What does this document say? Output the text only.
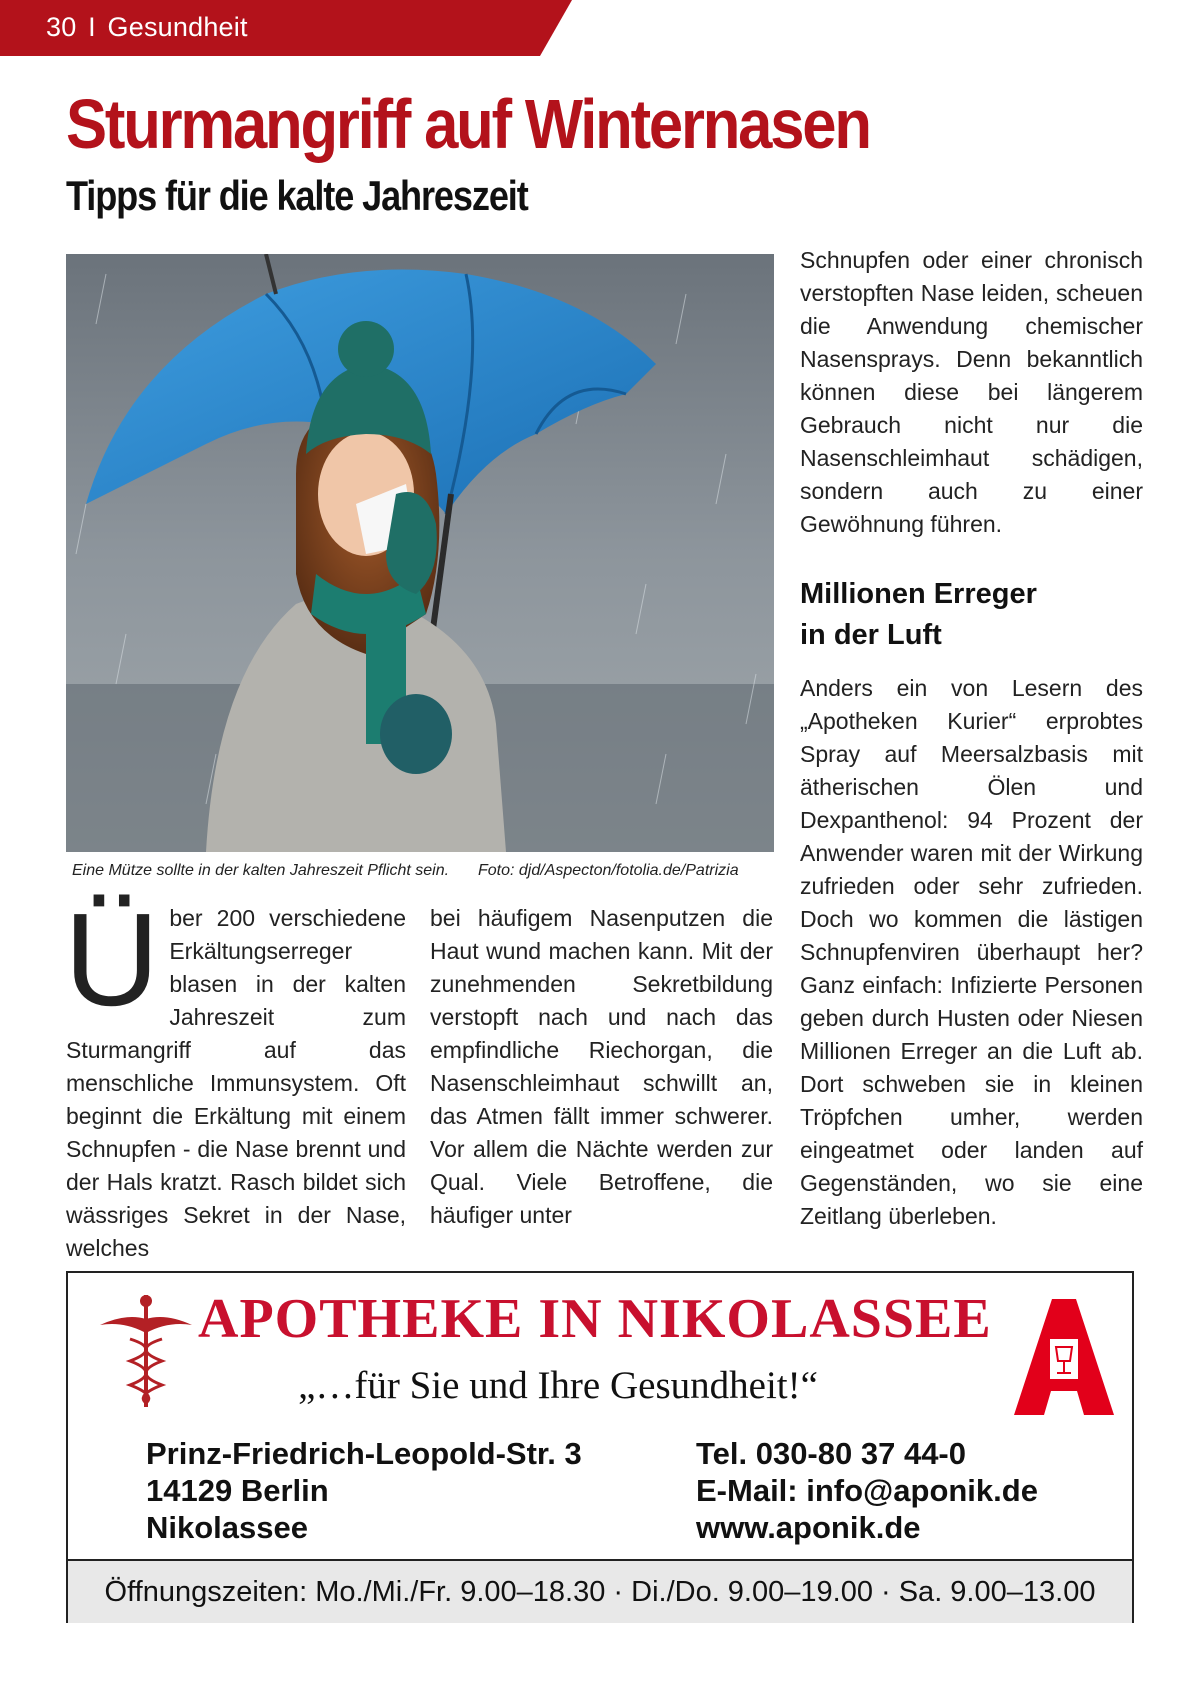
30 I Gesundheit
Sturmangriff auf Winternasen
Tipps für die kalte Jahreszeit
Eine Mütze sollte in der kalten Jahreszeit Pflicht sein. Foto: djd/Aspecton/fotolia.de/Patrizia
Ü ber 200 verschiedene Erkältungserreger blasen in der kalten Jahreszeit zum Sturmangriff auf das menschliche Immunsystem. Oft beginnt die Erkältung mit einem Schnupfen - die Nase brennt und der Hals kratzt. Rasch bildet sich wässriges Sekret in der Nase, welches

bei häufigem Nasenputzen die Haut wund machen kann. Mit der zunehmenden Sekretbildung verstopft nach und nach das empfindliche Riechorgan, die Nasenschleimhaut schwillt an, das Atmen fällt immer schwerer. Vor allem die Nächte werden zur Qual. Viele Betroffene, die häufiger unter

Schnupfen oder einer chronisch verstopften Nase leiden, scheuen die Anwendung chemischer Nasensprays. Denn bekanntlich können diese bei längerem Gebrauch nicht nur die Nasenschleimhaut schädigen, sondern auch zu einer Gewöhnung führen.

Millionen Erreger
in der Luft

Anders ein von Lesern des „Apotheken Kurier“ erprobtes Spray auf Meersalzbasis mit ätherischen Ölen und Dexpanthenol: 94 Prozent der Anwender waren mit der Wirkung zufrieden oder sehr zufrieden. Doch wo kommen die lästigen Schnupfenviren überhaupt her? Ganz einfach: Infizierte Personen geben durch Husten oder Niesen Millionen Erreger an die Luft ab. Dort schweben sie in kleinen Tröpfchen umher, werden eingeatmet oder landen auf Gegenständen, wo sie eine Zeitlang überleben.

APOTHEKE IN NIKOLASSEE
„…für Sie und Ihre Gesundheit!“
Prinz-Friedrich-Leopold-Str. 3
14129 Berlin
Nikolassee
Tel. 030-80 37 44-0
E-Mail: info@aponik.de
www.aponik.de
Öffnungszeiten: Mo./Mi./Fr. 9.00–18.30 · Di./Do. 9.00–19.00 · Sa. 9.00–13.00
